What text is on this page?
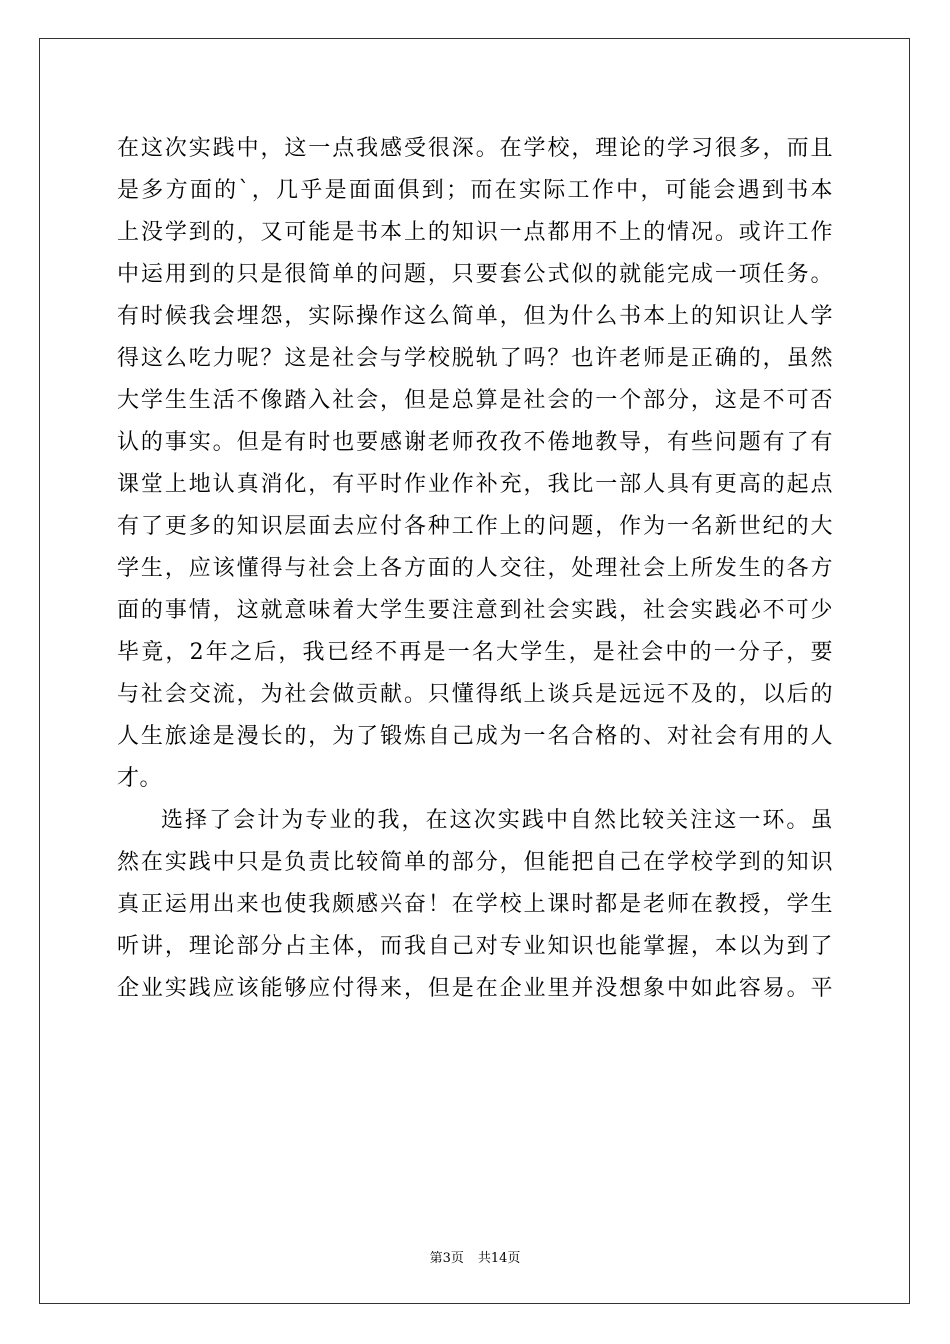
在这次实践中，这一点我感受很深。在学校，理论的学习很多，而且
是多方面的`，几乎是面面俱到；而在实际工作中，可能会遇到书本
上没学到的，又可能是书本上的知识一点都用不上的情况。或许工作
中运用到的只是很简单的问题，只要套公式似的就能完成一项任务。
有时候我会埋怨，实际操作这么简单，但为什么书本上的知识让人学
得这么吃力呢？这是社会与学校脱轨了吗？也许老师是正确的，虽然
大学生生活不像踏入社会，但是总算是社会的一个部分，这是不可否
认的事实。但是有时也要感谢老师孜孜不倦地教导，有些问题有了有
课堂上地认真消化，有平时作业作补充，我比一部人具有更高的起点
有了更多的知识层面去应付各种工作上的问题，作为一名新世纪的大
学生，应该懂得与社会上各方面的人交往，处理社会上所发生的各方
面的事情，这就意味着大学生要注意到社会实践，社会实践必不可少
毕竟，2年之后，我已经不再是一名大学生，是社会中的一分子，要
与社会交流，为社会做贡献。只懂得纸上谈兵是远远不及的，以后的
人生旅途是漫长的，为了锻炼自己成为一名合格的、对社会有用的人
才。
选择了会计为专业的我，在这次实践中自然比较关注这一环。虽
然在实践中只是负责比较简单的部分，但能把自己在学校学到的知识
真正运用出来也使我颇感兴奋！在学校上课时都是老师在教授，学生
听讲，理论部分占主体，而我自己对专业知识也能掌握，本以为到了
企业实践应该能够应付得来，但是在企业里并没想象中如此容易。平
第3页 共14页
